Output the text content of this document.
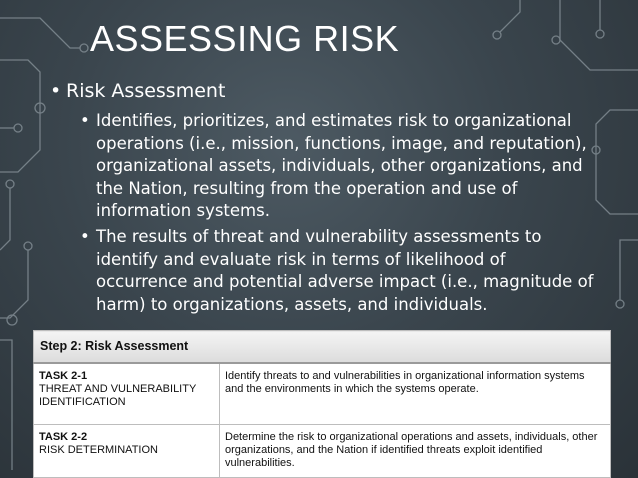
ASSESSING RISK
• Risk Assessment
• Identifies, prioritizes, and estimates risk to organizational operations (i.e., mission, functions, image, and reputation), organizational assets, individuals, other organizations, and the Nation, resulting from the operation and use of information systems.
• The results of threat and vulnerability assessments to identify and evaluate risk in terms of likelihood of occurrence and potential adverse impact (i.e., magnitude of harm) to organizations, assets, and individuals.
Step 2: Risk Assessment	

TASK 2-1
THREAT AND VULNERABILITY IDENTIFICATION	Identify threats to and vulnerabilities in organizational information systems and the environments in which the systems operate.

TASK 2-2
RISK DETERMINATION	Determine the risk to organizational operations and assets, individuals, other organizations, and the Nation if identified threats exploit identified vulnerabilities.
